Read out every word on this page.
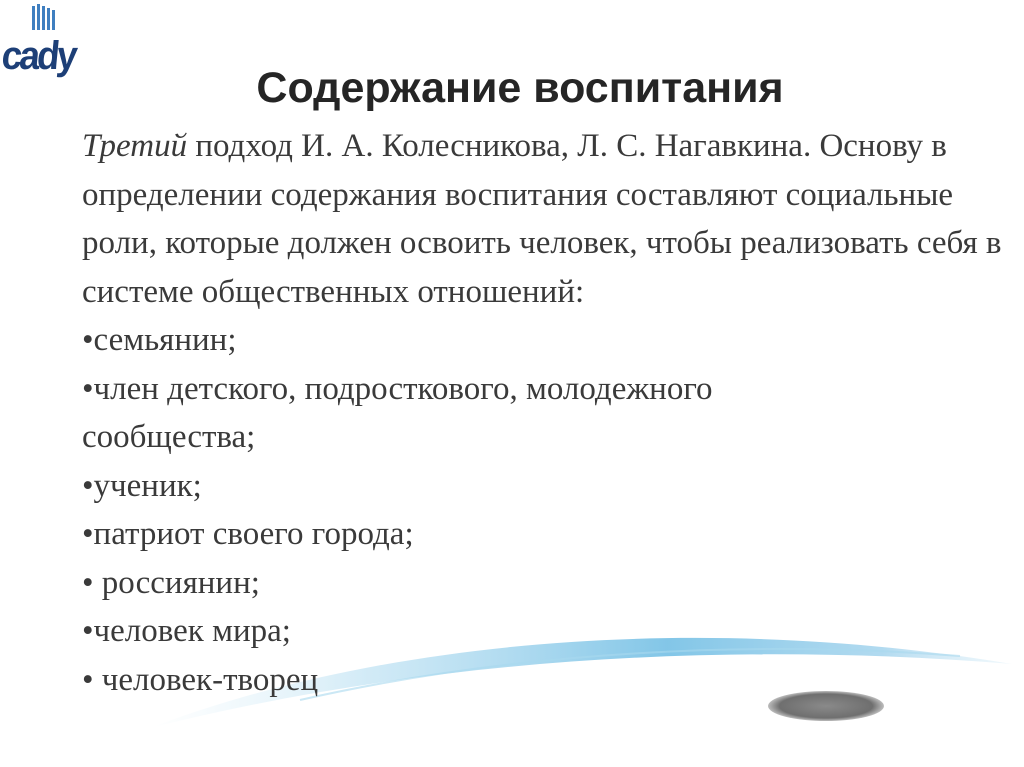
cady
Содержание воспитания

Третий подход И. А. Колесникова, Л. С. Нагавкина. Основу в определении содержания воспитания составляют социальные роли, которые должен освоить человек, чтобы реализовать себя в системе общественных отношений:

•семьянин;
•член детского, подросткового, молодежного сообщества;
•ученик;
•патриот своего города;
• россиянин;
•человек мира;
• человек-творец
